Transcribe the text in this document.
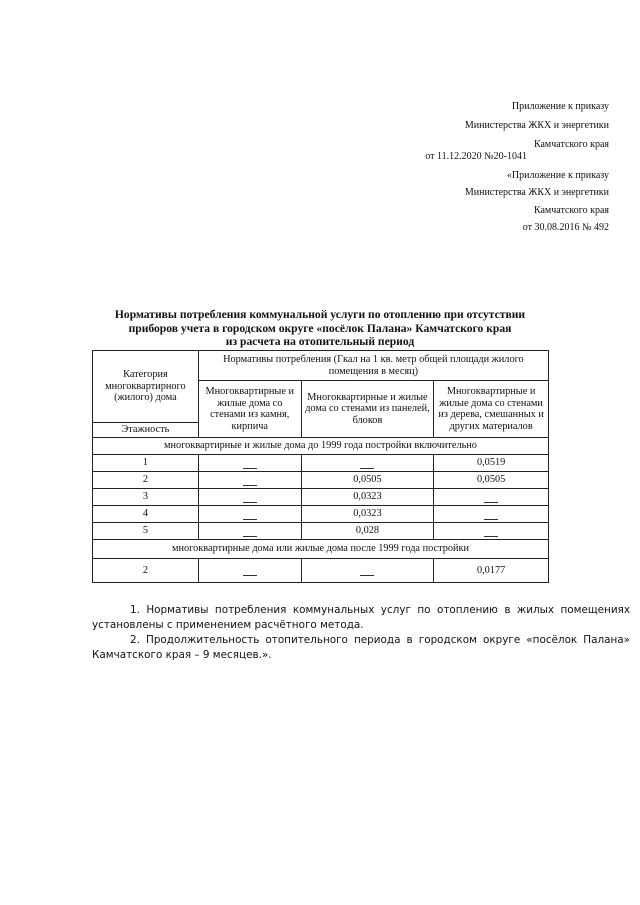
Приложение к приказу
Министерства ЖКХ и энергетики
Камчатского края
от 11.12.2020 №20-1041
«Приложение к приказу
Министерства ЖКХ и энергетики
Камчатского края
от 30.08.2016 № 492
Нормативы потребления коммунальной услуги по отоплению при отсутствии
приборов учета в городском округе «посёлок Палана» Камчатского края
из расчета на отопительный период
Категория многоквартирного (жилого) дома	Нормативы потребления (Гкал на 1 кв. метр общей площади жилого помещения в месяц)		
	Многоквартирные и жилые дома со стенами из камня, кирпича	Многоквартирные и жилые дома со стенами из панелей, блоков	Многоквартирные и жилые дома со стенами из дерева, смешанных и других материалов
Этажность			
многоквартирные и жилые дома до 1999 года постройки включительно			
1			0,0519
2		0,0505	0,0505
3		0,0323	
4		0,0323	
5		0,028	
многоквартирные дома или жилые дома после 1999 года постройки			
2			0,0177

1. Нормативы потребления коммунальных услуг по отоплению в жилых помещениях установлены с применением расчётного метода.

2. Продолжительность отопительного периода в городском округе «посёлок Палана» Камчатского края – 9 месяцев.».
